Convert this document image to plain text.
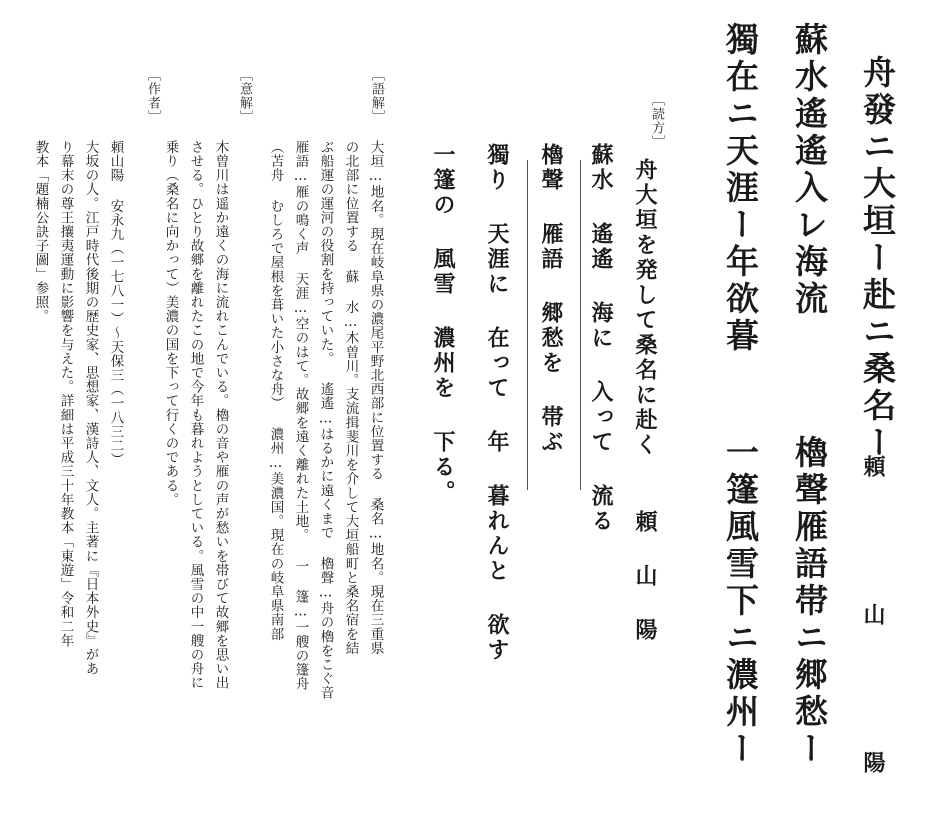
舟發ニ大垣ー赴ニ桑名ー
頼 山 陽
蘇水遙遙入レ海流
櫓聲雁語帯ニ郷愁ー
獨在ニ天涯ー年欲暮
一篷風雪下ニ濃州ー
［読方］
舟大垣を発して桑名に赴く
頼 山 陽
蘇水 遙遙 海に 入って 流る
櫓聲 雁語 郷愁を 帯ぶ
獨り 天涯に 在って 年 暮れんと 欲す
一篷の 風雪 濃州を 下る。
［語解］
大垣…地名。現在岐阜県の濃尾平野北西部に位置する 桑名…地名。現在三重県
の北部に位置する 蘇 水…木曽川。支流揖斐川を介して大垣船町と桑名宿を結
ぶ船運の運河の役割を持っていた。 遙遙…はるかに遠くまで 櫓聲…舟の櫓をこぐ音
雁語…雁の鳴く声 天涯…空のはて。故郷を遠く離れた土地。 一 篷…一艘の篷舟
（苫舟 むしろで屋根を葺いた小さな舟） 濃州…美濃国。現在の岐阜県南部
［意解］
木曽川は遥か遠くの海に流れこんでいる。櫓の音や雁の声が愁いを帯びて故郷を思い出
させる。ひとり故郷を離れたこの地で今年も暮れようとしている。風雪の中一艘の舟に
乗り（桑名に向かって）美濃の国を下って行くのである。
［作者］
頼山陽 安永九（一七八一）〜天保三（一八三二）
大坂の人。江戸時代後期の歴史家、思想家、漢詩人、文人。主著に『日本外史』があ
り幕末の尊王攘夷運動に影響を与えた。詳細は平成三十年教本「東遊」令和二年
教本「題楠公訣子圖」参照。
